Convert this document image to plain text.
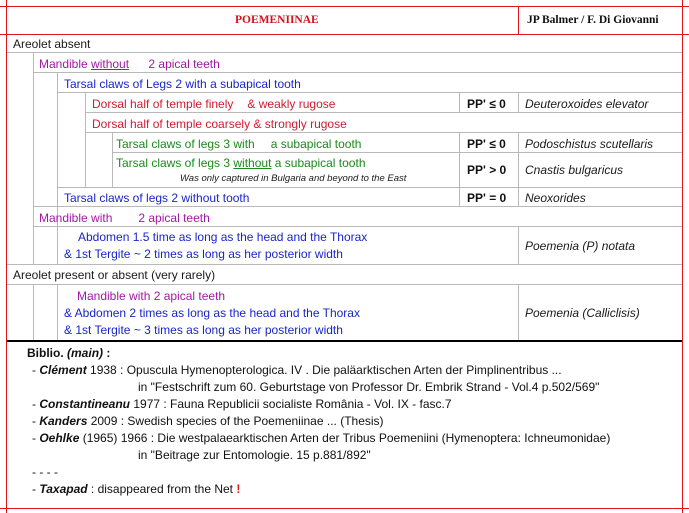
POEMENIINAE	JP Balmer / F. Di Giovanni
Areolet absent
Mandible without 2 apical teeth
Tarsal claws of Legs 2 with a subapical tooth
Dorsal half of temple finely & weakly rugose	PP' ≤ 0 Deuteroxoides elevator
Dorsal half of temple coarsely & strongly rugose
Tarsal claws of legs 3 with a subapical tooth	PP' ≤ 0 Podoschistus scutellaris
Tarsal claws of legs 3 without a subapical tooth
Was only captured in Bulgaria and beyond to the East
PP' > 0 Cnastis bulgaricus
Tarsal claws of legs 2 without tooth	PP' = 0 Neoxorides
Mandible with 2 apical teeth
Abdomen 1.5 time as long as the head and the Thorax
& 1st Tergite ~ 2 times as long as her posterior width
Poemenia (P) notata
Areolet present or absent (very rarely)
Mandible with 2 apical teeth
& Abdomen 2 times as long as the head and the Thorax
& 1st Tergite ~ 3 times as long as her posterior width
Poemenia (Calliclisis)
Biblio. (main) :
- Clément 1938 : Opuscula Hymenopterologica. IV . Die paläarktischen Arten der Pimplinentribus ...
in "Festschrift zum 60. Geburtstage von Professor Dr. Embrik Strand - Vol.4 p.502/569"
- Constantineanu 1977 : Fauna Republicii socialiste România - Vol. IX - fasc.7
- Kanders 2009 : Swedish species of the Poemeniinae ... (Thesis)
- Oehlke (1965) 1966 : Die westpalaearktischen Arten der Tribus Poemeniini (Hymenoptera: Ichneumonidae)
in "Beitrage zur Entomologie. 15 p.881/892"
- - - -
- Taxapad : disappeared from the Net !
